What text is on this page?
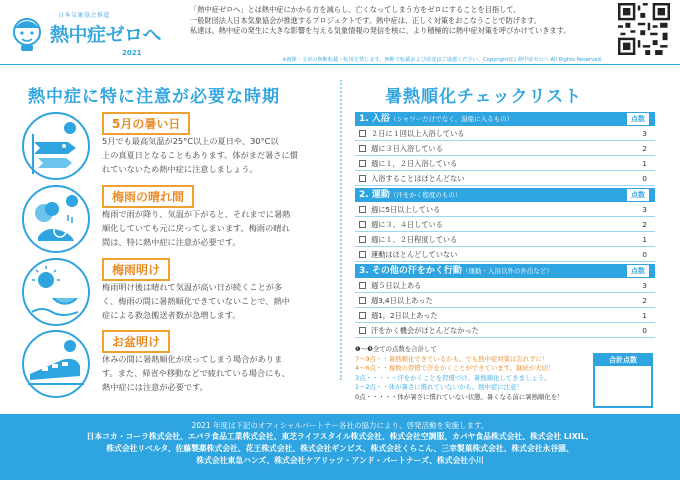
日本気象協会推進
熱中症ゼロへ
2021
「熱中症ゼロへ」とは熱中症にかかる方を減らし、亡くなってしまう方をゼロにすることを目指して、
一般財団法人日本気象協会が推進するプロジェクトです。熱中症は、正しく対策をおこなうことで防げます。
私達は、熱中症の発生に大きな影響を与える気象情報の発信を核に、より積極的に熱中症対策を呼びかけていきます。
※画像・文章の無断転載・転用を禁じます。無断で転載および改変はご遠慮ください。Copyright(C) 熱中症ゼロへ All Rights Reserved.
熱中症に特に注意が必要な時期
5月の暑い日
5月でも最高気温が25°C以上の夏日や、30°C以
上の真夏日となることもあります。体がまだ暑さに慣
れていないため熱中症に注意しましょう。
梅雨の晴れ間
梅雨で雨が降り、気温が下がると、それまでに暑熱
順化していても元に戻ってしまいます。梅雨の晴れ
間は、特に熱中症に注意が必要です。
梅雨明け
梅雨明け後は晴れて気温が高い日が続くことが多
く、梅雨の間に暑熱順化できていないことで、熱中
症による救急搬送者数が急増します。
お盆明け
休みの間に暑熱順化が戻ってしまう場合がありま
す。また、帰省や移動などで疲れている場合にも、
熱中症には注意が必要です。
暑熱順化チェックリスト
1. 入浴（シャワーだけでなく、湯船に入るもの）	点数
２日に１回以上入浴している	3
週に３日入浴している	2
週に１，２日入浴している	1
入浴することはほとんどない	0
2. 運動（汗をかく程度のもの）	点数
週に5日以上している	3
週に３、４日している	2
週に１、２日程度している	1
運動はほとんどしていない	0
3. その他の汗をかく行動（運動・入浴以外の外出など）	点数
週５日以上ある	3
週3,4日以上あった	2
週1，2日以上あった	1
汗をかく機会がほとんどなかった	0
❶〜❸全ての点数を合計して
7〜9点・・暑熱順化できているかも。でも熱中症対策は忘れずに！
4〜6点・・複数の習慣で汗をかくことができています。継続が大切！
3点・・・・・汗をかくことを習慣づけ、暑熱順化してきましょう。
1〜2点・・体が暑さに慣れていないかも。熱中症に注意！
0点・・・・・体が暑さに慣れていない状態。暑くなる前に暑熱順化を！
合計点数
2021 年度は下記のオフィシャルパートナー各社の協力により、啓発活動を実施します。
日本コカ・コーラ株式会社、エバラ食品工業株式会社、東芝ライフスタイル株式会社、株式会社空調服、カバヤ食品株式会社、株式会社 LIXIL、
株式会社リベルタ、佐藤製薬株式会社、花王株式会社、株式会社ギンビス、株式会社くらこん、三幸製菓株式会社、株式会社永谷園、
株式会社東急ハンズ、株式会社ケアリッツ・アンド・パートナーズ、株式会社小川
